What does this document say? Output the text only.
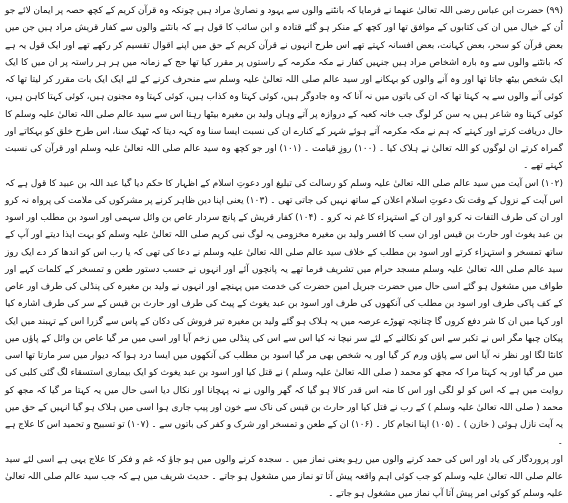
(۹۹) حضرت ابن عباس رضی اللہ تعالیٰ عنھما نے فرمایا کہ بانٹنے والوں سے یہود و نصاریٰ مراد ہیں چونکہ وہ قرآن کریم کے کچھ حصہ پر ایمان لائے جو اُن کے خیال میں ان کی کتابوں کے موافق تھا اور کچھ کے منکر ہو گئے قتادہ و ابن سائب کا قول ہے کہ بانٹنے والوں سے کفار قریش مراد ہیں جن میں بعض قرآن کو سحر، بعض کہانت، بعض افسانہ کہتے تھے اس طرح انہوں نے قرآن کریم کے حق میں اپنے اقوال تقسیم کر رکھے تھے اور ایک قول یہ ہے کہ بانٹنے والوں سے وہ بارہ اشخاص مراد ہیں جنہیں کفار نے مکہ مکرمہ کے راستوں پر مقرر کیا تھا حج کے زمانہ میں ہر ہر راستہ پر ان میں کا ایک ایک شخص بیٹھ جاتا تھا اور وہ آنے والوں کو بہکانے اور سید عالم صلی اللہ تعالیٰ علیہ وسلم سے منحرف کرنے کے لئے ایک ایک بات مقرر کر لیتا تھا کہ کوئی آنے والوں سے یہ کہتا تھا کہ ان کی باتوں میں نہ آنا کہ وہ جادوگر ہیں، کوئی کہتا وہ کذاب ہیں، کوئی کہتا وہ مجنون ہیں، کوئی کہتا کاہن ہیں، کوئی کہتا وہ شاعر ہیں یہ سن کر لوگ جب خانہ کعبہ کے دروازہ پر آتے وہاں ولید بن مغیرہ بیٹھا رہتا اس سے سید عالم صلی اللہ تعالیٰ علیہ وسلم کا حال دریافت کرتے اور کہتے کہ ہم نے مکہ مکرمہ آتے ہوئے شہر کے کنارے ان کی نسبت ایسا سنا وہ کہہ دیتا کہ ٹھیک سنا، اس طرح خلق کو بہکاتے اور گمراہ کرتے ان لوگوں کو اللہ تعالیٰ نے ہلاک کیا ۔ (۱۰۰) روزِ قیامت ۔ (۱۰۱) اور جو کچھ وہ سید عالم صلی اللہ تعالیٰ علیہ وسلم اور قرآن کی نسبت کہتے تھے ۔

(۱۰۲) اس آیت میں سید عالم صلی اللہ تعالیٰ علیہ وسلم کو رسالت کی تبلیغ اور دعوتِ اسلام کے اظہار کا حکم دیا گیا عبد اللہ بن عبید کا قول ہے کہ اس آیت کے نزول کے وقت تک دعوتِ اسلام اعلان کے ساتھ نہیں کی جاتی تھی ۔ (۱۰۳) یعنی اپنا دین ظاہر کرنے پر مشرکوں کی ملامت کی پرواہ نہ کرو اور ان کی طرف التفات نہ کرو اور ان کے استہزاء کا غم نہ کرو ۔ (۱۰۴) کفار قریش کے پانچ سردار عاص بن وائل سہمی اور اسود بن مطلب اور اسود بن عبد یغوث اور حارث بن قیس اور ان سب کا افسر ولید بن مغیرہ مخزومی یہ لوگ نبی کریم صلی اللہ تعالیٰ علیہ وسلم کو بہت ایذا دیتے اور آپ کے ساتھ تمسخر و استہزاء کرتے اور اسود بن مطلب کے خلاف سید عالم صلی اللہ تعالیٰ علیہ وسلم نے دعا کی تھی کہ یا رب اس کو اندھا کر دے ایک روز سید عالم صلی اللہ تعالیٰ علیہ وسلم مسجد حرام میں تشریف فرما تھے یہ پانچوں آئے اور انہوں نے حسب دستور طعن و تمسخر کے کلمات کہے اور طواف میں مشغول ہو گئے اسی حال میں حضرت جبریل امین حضرت کی خدمت میں پہنچے اور انہوں نے ولید بن مغیرہ کی پنڈلی کی طرف اور عاص کے کف پاکی طرف اور اسود بن مطلب کی آنکھوں کی طرف اور اسود بن عبد یغوث کے پیٹ کی طرف اور حارث بن قیس کے سر کی طرف اشارہ کیا اور کہا میں ان کا شر دفع کروں گا چنانچہ تھوڑے عرصہ میں یہ ہلاک ہو گئے ولید بن مغیرہ تیر فروش کی دکان کے پاس سے گزرا اس کے تہبند میں ایک پیکان چبھا مگر اس نے تکبر سے اس کو نکالنے کے لئے سر نیچا نہ کیا اس سے اس کی پنڈلی میں زخم آیا اور اسی میں مر گیا عاص بن وائل کے پاؤں میں کانٹا لگا اور نظر نہ آیا اس سے پاؤں ورم کر گیا اور یہ شخص بھی مر گیا اسود بن مطلب کی آنکھوں میں ایسا درد ہوا کہ دیوار میں سر مارتا تھا اسی میں مر گیا اور یہ کہتا مرا کہ مجھ کو محمد ( صلی اللہ تعالیٰ علیہ وسلم ) نے قتل کیا اور اسود بن عبد یغوث کو ایک بیماری استسقاء لگ گئی کلبی کی روایت میں ہے کہ اس کو لو لگی اور اس کا منہ اس قدر کالا ہو گیا کہ گھر والوں نے نہ پہچانا اور نکال دیا اسی حال میں یہ کہتا مر گیا کہ مجھ کو محمد ( صلی اللہ تعالیٰ علیہ وسلم ) کے رب نے قتل کیا اور حارث بن قیس کی ناک سے خون اور پیپ جاری ہوا اسی میں ہلاک ہو گیا انہیں کے حق میں یہ آیت نازل ہوئی ( خازن ) ۔ (۱۰۵) اپنا انجام کار ۔ (۱۰۶) ان کے طعن و تمسخر اور شرک و کفر کی باتوں سے ۔ (۱۰۷) تو تسبیح و تحمید اس کا علاج ہے ۔

اور پروردگار کی یاد اور اس کی حمد کرنے والوں میں رہو یعنی نماز میں ۔ سجدہ کرنے والوں میں ہو جاؤ کہ غم و فکر کا علاج یہی ہے اسی لئے سید عالم صلی اللہ تعالیٰ علیہ وسلم کو جب کوئی اہم واقعہ پیش آتا تو نماز میں مشغول ہو جاتے ۔ حدیث شریف میں ہے کہ جب سید عالم صلی اللہ تعالیٰ علیہ وسلم کو کوئی امر پیش آتا آپ نماز میں مشغول ہو جاتے ۔
